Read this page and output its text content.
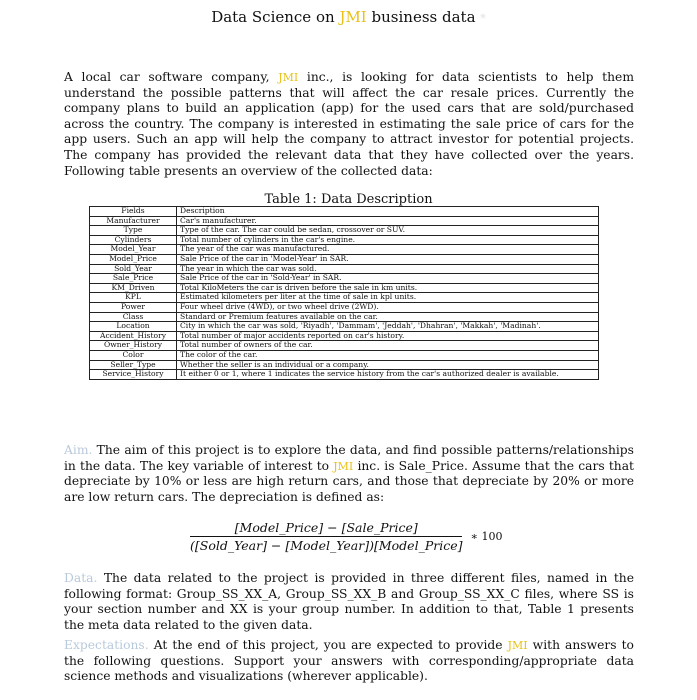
Data Science on JMI business data *
A local car software company, JMI inc., is looking for data scientists to help them understand the possible patterns that will affect the car resale prices. Currently the company plans to build an application (app) for the used cars that are sold/purchased across the country. The company is interested in estimating the sale price of cars for the app users. Such an app will help the company to attract investor for potential projects. The company has provided the relevant data that they have collected over the years. Following table presents an overview of the collected data:
Table 1: Data Description
Fields	Description
Manufacturer	Car's manufacturer.
Type	Type of the car. The car could be sedan, crossover or SUV.
Cylinders	Total number of cylinders in the car's engine.
Model_Year	The year of the car was manufactured.
Model_Price	Sale Price of the car in 'Model-Year' in SAR.
Sold_Year	The year in which the car was sold.
Sale_Price	Sale Price of the car in 'Sold-Year' in SAR.
KM_Driven	Total KiloMeters the car is driven before the sale in km units.
KPL	Estimated kilometers per liter at the time of sale in kpl units.
Power	Four wheel drive (4WD), or two wheel drive (2WD).
Class	Standard or Premium features available on the car.
Location	City in which the car was sold, 'Riyadh', 'Dammam', 'Jeddah', 'Dhahran', 'Makkah', 'Madinah'.
Accident_History	Total number of major accidents reported on car's history.
Owner_History	Total number of owners of the car.
Color	The color of the car.
Seller_Type	Whether the seller is an individual or a company.
Service_History	It either 0 or 1, where 1 indicates the service history from the car's authorized dealer is available.
Aim. The aim of this project is to explore the data, and find possible patterns/relationships in the data. The key variable of interest to JMI inc. is Sale_Price. Assume that the cars that depreciate by 10% or less are high return cars, and those that depreciate by 20% or more are low return cars. The depreciation is defined as:
$\frac{\text{[Model\_Price] − [Sale\_Price]}}{\text{([Sold\_Year] − [Model\_Year])[Model\_Price]}}$ ∗ 100
Data. The data related to the project is provided in three different files, named in the following format: Group_SS_XX_A, Group_SS_XX_B and Group_SS_XX_C files, where SS is your section number and XX is your group number. In addition to that, Table 1 presents the meta data related to the given data.
Expectations. At the end of this project, you are expected to provide JMI with answers to the following questions. Support your answers with corresponding/appropriate data science methods and visualizations (wherever applicable).
